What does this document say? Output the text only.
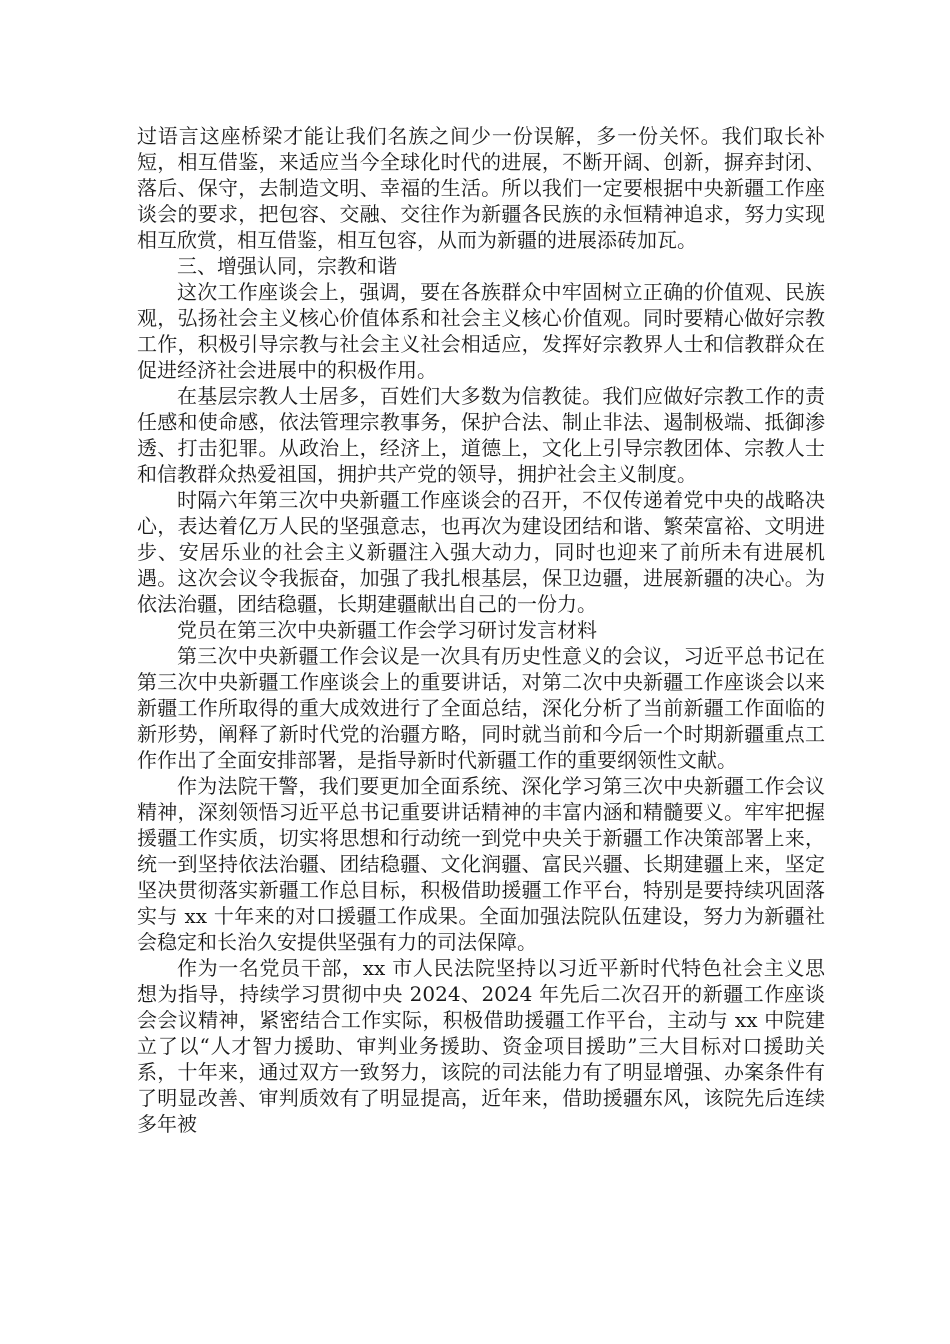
过语言这座桥梁才能让我们名族之间少一份误解，多一份关怀。我们取长补短，相互借鉴，来适应当今全球化时代的进展，不断开阔、创新，摒弃封闭、落后、保守，去制造文明、幸福的生活。所以我们一定要根据中央新疆工作座谈会的要求，把包容、交融、交往作为新疆各民族的永恒精神追求，努力实现相互欣赏，相互借鉴，相互包容，从而为新疆的进展添砖加瓦。

三、增强认同，宗教和谐

这次工作座谈会上，强调，要在各族群众中牢固树立正确的价值观、民族观，弘扬社会主义核心价值体系和社会主义核心价值观。同时要精心做好宗教工作，积极引导宗教与社会主义社会相适应，发挥好宗教界人士和信教群众在促进经济社会进展中的积极作用。

在基层宗教人士居多，百姓们大多数为信教徒。我们应做好宗教工作的责任感和使命感，依法管理宗教事务，保护合法、制止非法、遏制极端、抵御渗透、打击犯罪。从政治上，经济上，道德上，文化上引导宗教团体、宗教人士和信教群众热爱祖国，拥护共产党的领导，拥护社会主义制度。

时隔六年第三次中央新疆工作座谈会的召开，不仅传递着党中央的战略决心，表达着亿万人民的坚强意志，也再次为建设团结和谐、繁荣富裕、文明进步、安居乐业的社会主义新疆注入强大动力，同时也迎来了前所未有进展机遇。这次会议令我振奋，加强了我扎根基层，保卫边疆，进展新疆的决心。为依法治疆，团结稳疆，长期建疆献出自己的一份力。

党员在第三次中央新疆工作会学习研讨发言材料

第三次中央新疆工作会议是一次具有历史性意义的会议，习近平总书记在第三次中央新疆工作座谈会上的重要讲话，对第二次中央新疆工作座谈会以来新疆工作所取得的重大成效进行了全面总结，深化分析了当前新疆工作面临的新形势，阐释了新时代党的治疆方略，同时就当前和今后一个时期新疆重点工作作出了全面安排部署，是指导新时代新疆工作的重要纲领性文献。

作为法院干警，我们要更加全面系统、深化学习第三次中央新疆工作会议精神，深刻领悟习近平总书记重要讲话精神的丰富内涵和精髓要义。牢牢把握援疆工作实质，切实将思想和行动统一到党中央关于新疆工作决策部署上来，统一到坚持依法治疆、团结稳疆、文化润疆、富民兴疆、长期建疆上来，坚定坚决贯彻落实新疆工作总目标，积极借助援疆工作平台，特别是要持续巩固落实与 xx 十年来的对口援疆工作成果。全面加强法院队伍建设，努力为新疆社会稳定和长治久安提供坚强有力的司法保障。

作为一名党员干部，xx 市人民法院坚持以习近平新时代特色社会主义思想为指导，持续学习贯彻中央 2024、2024 年先后二次召开的新疆工作座谈会会议精神，紧密结合工作实际，积极借助援疆工作平台，主动与 xx 中院建立了以“人才智力援助、审判业务援助、资金项目援助”三大目标对口援助关系，十年来，通过双方一致努力，该院的司法能力有了明显增强、办案条件有了明显改善、审判质效有了明显提高，近年来，借助援疆东风，该院先后连续多年被
